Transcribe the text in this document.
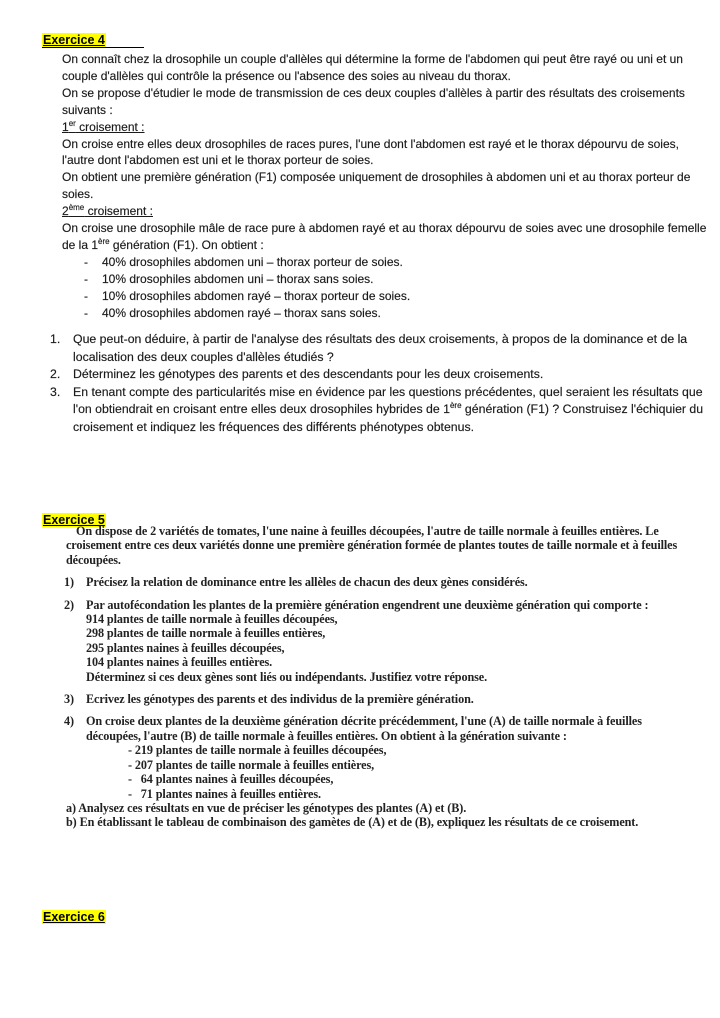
Exercice 4

On connaît chez la drosophile un couple d'allèles qui détermine la forme de l'abdomen qui peut être rayé ou uni et un couple d'allèles qui contrôle la présence ou l'absence des soies au niveau du thorax.

On se propose d'étudier le mode de transmission de ces deux couples d'allèles à partir des résultats des croisements suivants :

1er croisement :

On croise entre elles deux drosophiles de races pures, l'une dont l'abdomen est rayé et le thorax dépourvu de soies, l'autre dont l'abdomen est uni et le thorax porteur de soies.

On obtient une première génération (F1) composée uniquement de drosophiles à abdomen uni et au thorax porteur de soies.

2ème croisement :

On croise une drosophile mâle de race pure à abdomen rayé et au thorax dépourvu de soies avec une drosophile femelle de la 1ère génération (F1). On obtient :

-	40% drosophiles abdomen uni – thorax porteur de soies.
-	10% drosophiles abdomen uni – thorax sans soies.
-	10% drosophiles abdomen rayé – thorax porteur de soies.
-	40% drosophiles abdomen rayé – thorax sans soies.
1.	Que peut-on déduire, à partir de l'analyse des résultats des deux croisements, à propos de la dominance et de la localisation des deux couples d'allèles étudiés ?
2.	Déterminez les génotypes des parents et des descendants pour les deux croisements.
3.	En tenant compte des particularités mise en évidence par les questions précédentes, quel seraient les résultats que l'on obtiendrait en croisant entre elles deux drosophiles hybrides de 1ère génération (F1) ? Construisez l'échiquier du croisement et indiquez les fréquences des différents phénotypes obtenus.
Exercice 5

On dispose de 2 variétés de tomates, l'une naine à feuilles découpées, l'autre de taille normale à feuilles entières. Le croisement entre ces deux variétés donne une première génération formée de plantes toutes de taille normale et à feuilles découpées.

1) Précisez la relation de dominance entre les allèles de chacun des deux gènes considérés.
2) Par autofécondation les plantes de la première génération engendrent une deuxième génération qui comporte :
914 plantes de taille normale à feuilles découpées,
298 plantes de taille normale à feuilles entières,
295 plantes naines à feuilles découpées,
104 plantes naines à feuilles entières.
Déterminez si ces deux gènes sont liés ou indépendants. Justifiez votre réponse.
3) Ecrivez les génotypes des parents et des individus de la première génération.
4) On croise deux plantes de la deuxième génération décrite précédemment, l'une (A) de taille normale à feuilles découpées, l'autre (B) de taille normale à feuilles entières. On obtient à la génération suivante :
- 219 plantes de taille normale à feuilles découpées,
- 207 plantes de taille normale à feuilles entières,
-   64 plantes naines à feuilles découpées,
-   71 plantes naines à feuilles entières.

a) Analysez ces résultats en vue de préciser les génotypes des plantes (A) et (B).

b) En établissant le tableau de combinaison des gamètes de (A) et de (B), expliquez les résultats de ce croisement.

Exercice 6
